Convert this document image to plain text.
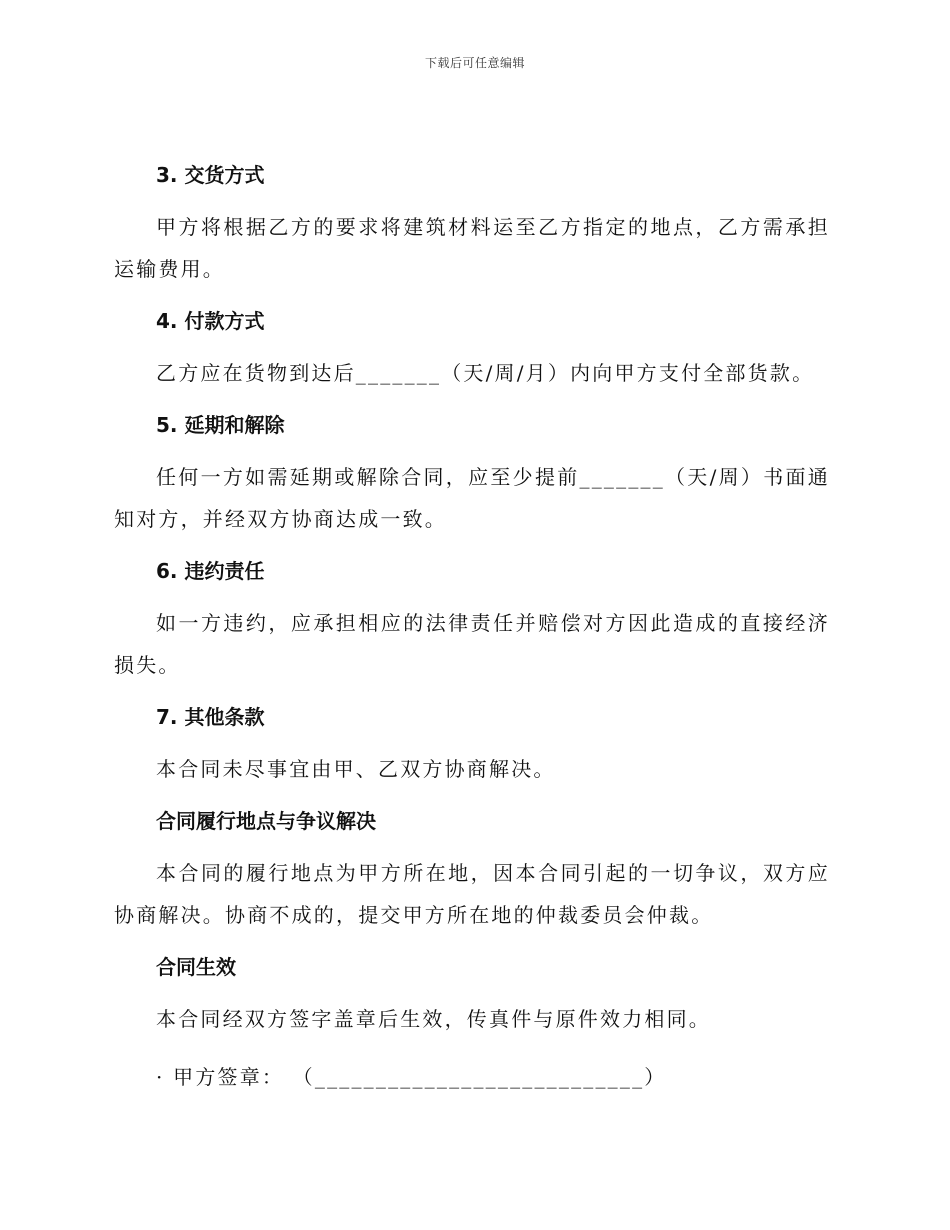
下载后可任意编辑
3. 交货方式

甲方将根据乙方的要求将建筑材料运至乙方指定的地点，乙方需承担运输费用。

4. 付款方式

乙方应在货物到达后_______（天/周/月）内向甲方支付全部货款。

5. 延期和解除

任何一方如需延期或解除合同，应至少提前_______（天/周）书面通知对方，并经双方协商达成一致。

6. 违约责任

如一方违约，应承担相应的法律责任并赔偿对方因此造成的直接经济损失。

7. 其他条款

本合同未尽事宜由甲、乙双方协商解决。

合同履行地点与争议解决

本合同的履行地点为甲方所在地，因本合同引起的一切争议，双方应协商解决。协商不成的，提交甲方所在地的仲裁委员会仲裁。

合同生效

本合同经双方签字盖章后生效，传真件与原件效力相同。

· 甲方签章： （___________________________）
